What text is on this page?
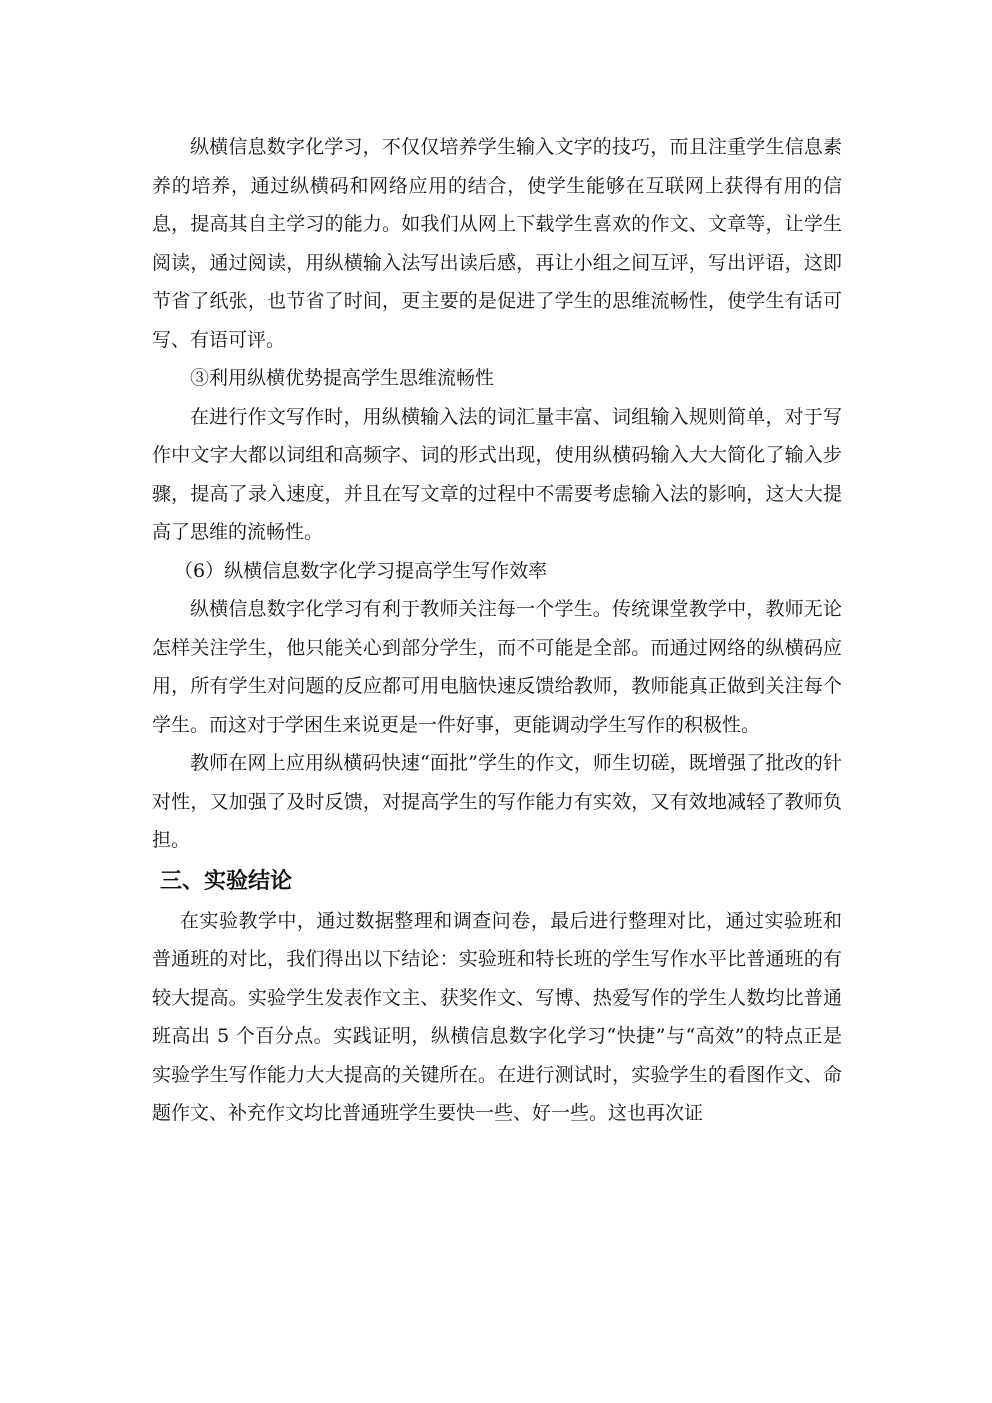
纵横信息数字化学习，不仅仅培养学生输入文字的技巧，而且注重学生信息素养的培养，通过纵横码和网络应用的结合，使学生能够在互联网上获得有用的信息，提高其自主学习的能力。如我们从网上下载学生喜欢的作文、文章等，让学生阅读，通过阅读，用纵横输入法写出读后感，再让小组之间互评，写出评语，这即节省了纸张，也节省了时间，更主要的是促进了学生的思维流畅性，使学生有话可写、有语可评。

③利用纵横优势提高学生思维流畅性

在进行作文写作时，用纵横输入法的词汇量丰富、词组输入规则简单，对于写作中文字大都以词组和高频字、词的形式出现，使用纵横码输入大大简化了输入步骤，提高了录入速度，并且在写文章的过程中不需要考虑输入法的影响，这大大提高了思维的流畅性。

（6）纵横信息数字化学习提高学生写作效率

纵横信息数字化学习有利于教师关注每一个学生。传统课堂教学中，教师无论怎样关注学生，他只能关心到部分学生，而不可能是全部。而通过网络的纵横码应用，所有学生对问题的反应都可用电脑快速反馈给教师，教师能真正做到关注每个学生。而这对于学困生来说更是一件好事，更能调动学生写作的积极性。

教师在网上应用纵横码快速“面批”学生的作文，师生切磋，既增强了批改的针对性，又加强了及时反馈，对提高学生的写作能力有实效，又有效地减轻了教师负担。

三、实验结论

在实验教学中，通过数据整理和调查问卷，最后进行整理对比，通过实验班和普通班的对比，我们得出以下结论：实验班和特长班的学生写作水平比普通班的有较大提高。实验学生发表作文主、获奖作文、写博、热爱写作的学生人数均比普通班高出 5 个百分点。实践证明，纵横信息数字化学习“快捷”与“高效”的特点正是实验学生写作能力大大提高的关键所在。在进行测试时，实验学生的看图作文、命题作文、补充作文均比普通班学生要快一些、好一些。这也再次证
